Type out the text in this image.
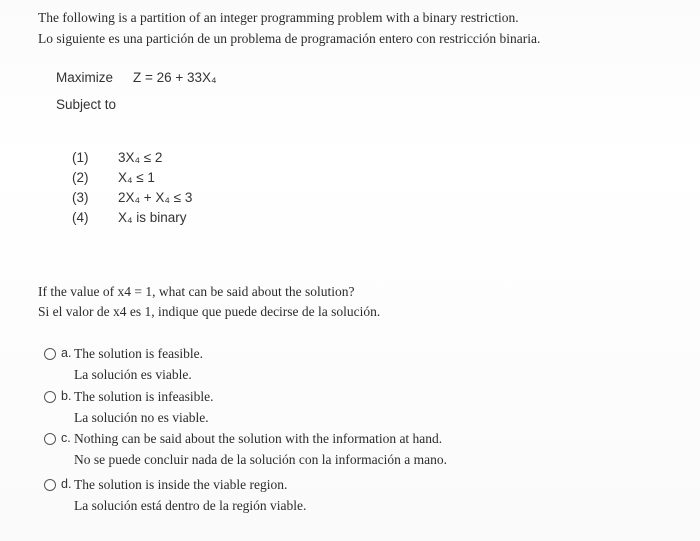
The following is a partition of an integer programming problem with a binary restriction.
Lo siguiente es una partición de un problema de programación entero con restricción binaria.
Maximize Z = 26 + 33X₄
Subject to
(1) 3X₄ ≤ 2
(2) X₄ ≤ 1
(3) 2X₄ + X₄ ≤ 3
(4) X₄ is binary
If the value of x4 = 1, what can be said about the solution?
Si el valor de x4 es 1, indique que puede decirse de la solución.
a. The solution is feasible.
La solución es viable.
b. The solution is infeasible.
La solución no es viable.
c. Nothing can be said about the solution with the information at hand.
No se puede concluir nada de la solución con la información a mano.
d. The solution is inside the viable region.
La solución está dentro de la región viable.
